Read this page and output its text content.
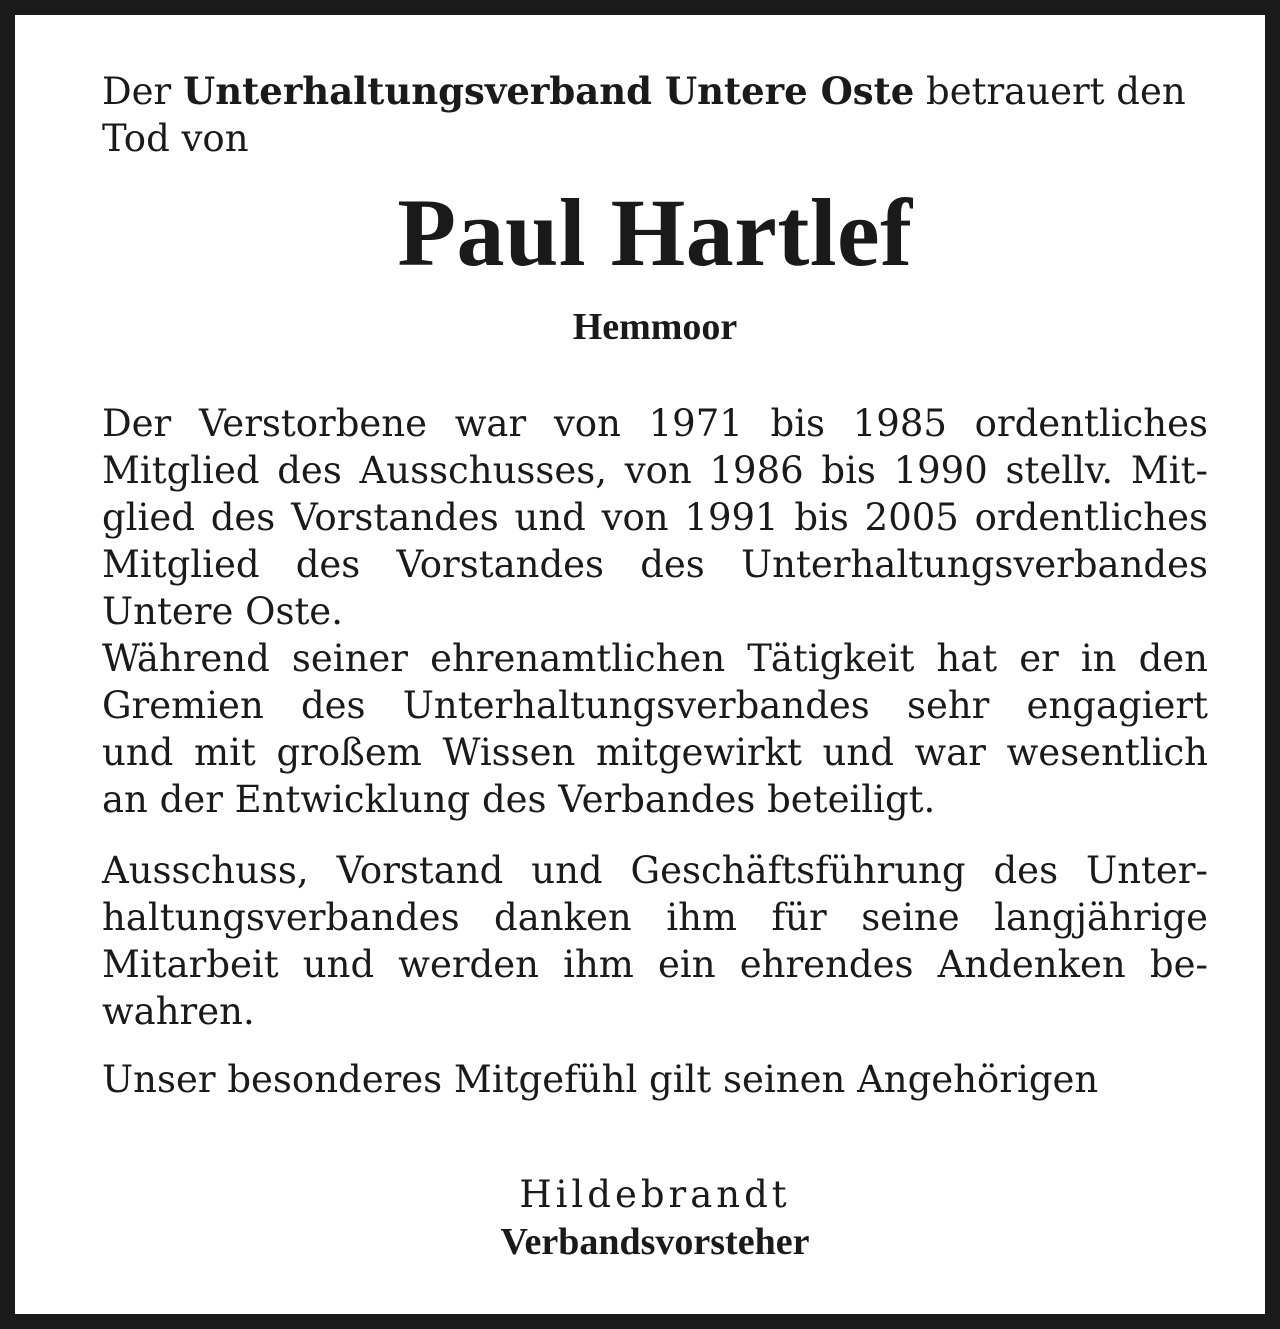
Der Unterhaltungsverband Untere Oste betrauert den
Tod von

Paul Hartlef
Hemmoor
Der Verstorbene war von 1971 bis 1985 ordentliches
Mitglied des Ausschusses, von 1986 bis 1990 stellv. Mit-
glied des Vorstandes und von 1991 bis 2005 ordentliches
Mitglied des Vorstandes des Unterhaltungsverbandes
Untere Oste.
Während seiner ehrenamtlichen Tätigkeit hat er in den
Gremien des Unterhaltungsverbandes sehr engagiert
und mit großem Wissen mitgewirkt und war wesentlich
an der Entwicklung des Verbandes beteiligt.
Ausschuss, Vorstand und Geschäftsführung des Unter-
haltungsverbandes danken ihm für seine langjährige
Mitarbeit und werden ihm ein ehrendes Andenken be-
wahren.
Unser besonderes Mitgefühl gilt seinen Angehörigen
Hildebrandt
Verbandsvorsteher
